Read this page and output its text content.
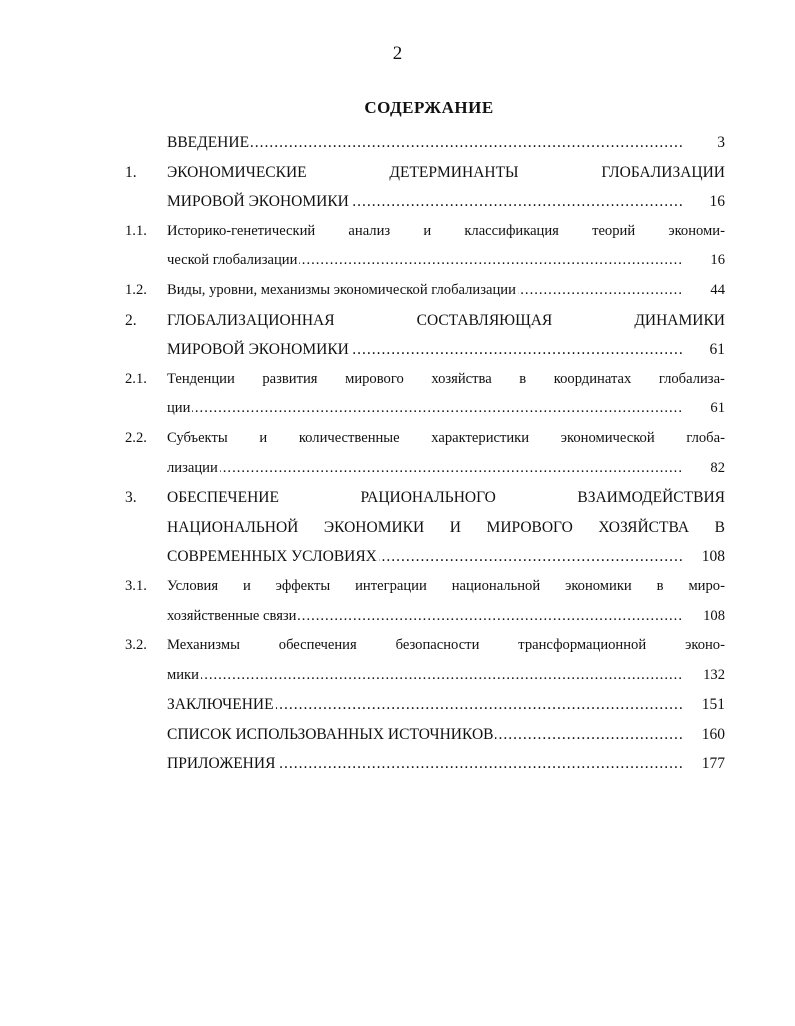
2
СОДЕРЖАНИЕ
.....
ВВЕДЕНИЕ	3
1. ЭКОНОМИЧЕСКИЕ	ДЕТЕРМИНАНТЫ	ГЛОБАЛИЗАЦИИ
.....
МИРОВОЙ ЭКОНОМИКИ	16
1.1. Историко-генетический анализ и классификация теорий экономи-
.....
ческой глобализации	16
1.2. ..... Виды, уровни, механизмы экономической глобализации	44
2. ГЛОБАЛИЗАЦИОННАЯ	СОСТАВЛЯЮЩАЯ	ДИНАМИКИ
.....
МИРОВОЙ ЭКОНОМИКИ	61
2.1. Тенденции развития мирового хозяйства в координатах глобализа-
.....
ции	61
2.2. Субъекты и количественные характеристики экономической глоба-
.....
лизации	82
3. ОБЕСПЕЧЕНИЕ	РАЦИОНАЛЬНОГО	ВЗАИМОДЕЙСТВИЯ
НАЦИОНАЛЬНОЙ ЭКОНОМИКИ И МИРОВОГО ХОЗЯЙСТВА В
.....
СОВРЕМЕННЫХ УСЛОВИЯХ	108
3.1. Условия и эффекты интеграции национальной экономики в миро-
.....
хозяйственные связи	108
3.2. Механизмы	обеспечения	безопасности	трансформационной	эконо-
.....
мики	132
.....
ЗАКЛЮЧЕНИЕ	151
.....
СПИСОК ИСПОЛЬЗОВАННЫХ ИСТОЧНИКОВ	160
.....
ПРИЛОЖЕНИЯ	177
